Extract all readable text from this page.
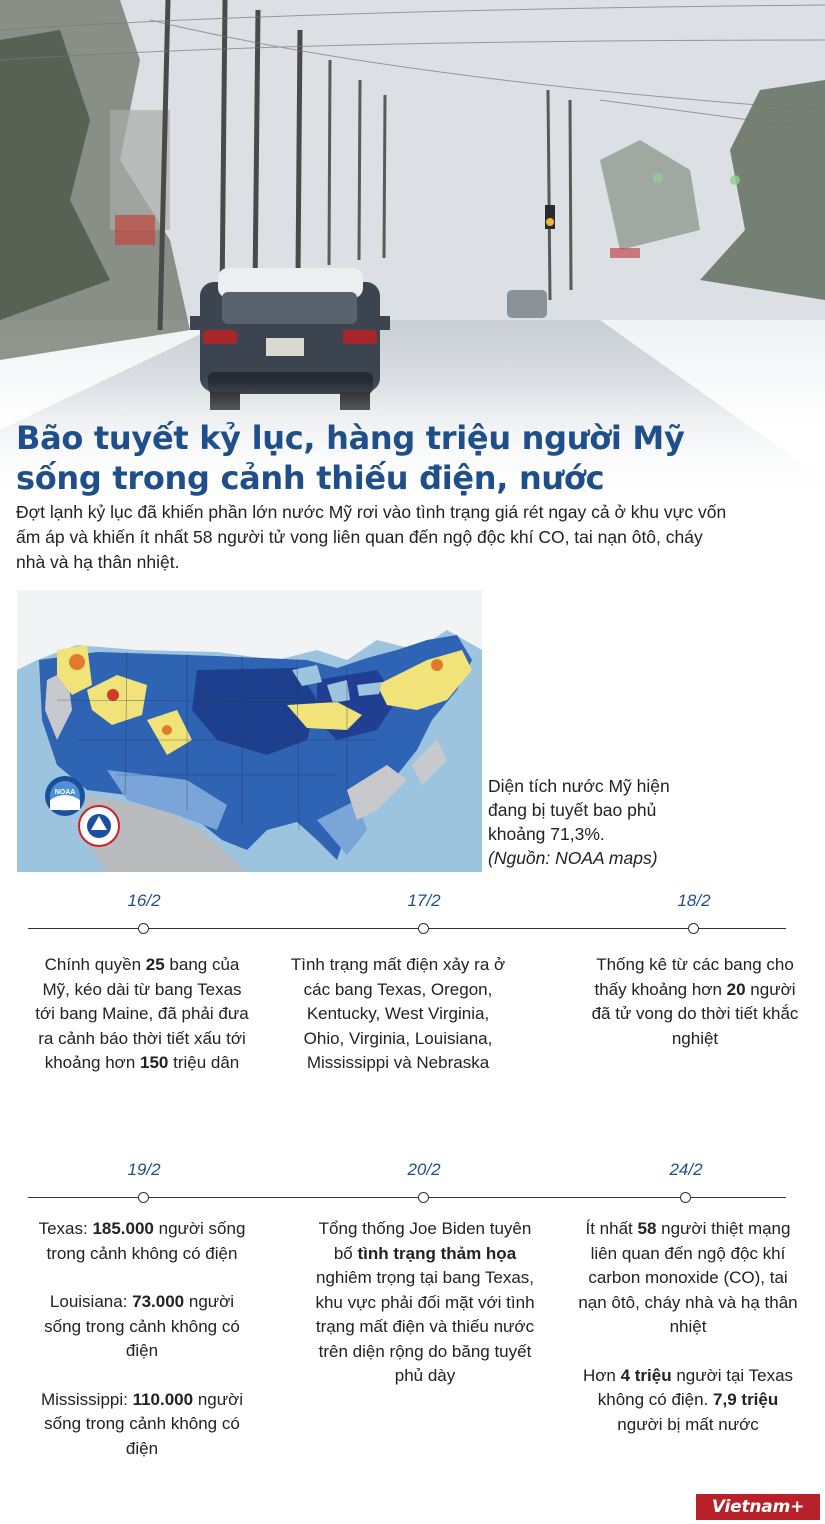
Bão tuyết kỷ lục, hàng triệu người Mỹ
sống trong cảnh thiếu điện, nước

Đợt lạnh kỷ lục đã khiến phần lớn nước Mỹ rơi vào tình trạng giá rét ngay cả ở khu vực vốn ấm áp và khiến ít nhất 58 người tử vong liên quan đến ngộ độc khí CO, tai nạn ôtô, cháy nhà và hạ thân nhiệt.

NOAA	Diện tích nước Mỹ hiện
đang bị tuyết bao phủ
khoảng 71,3%.
(Nguồn: NOAA maps)
16/2
Chính quyền 25 bang của Mỹ, kéo dài từ bang Texas tới bang Maine, đã phải đưa ra cảnh báo thời tiết xấu tới khoảng hơn 150 triệu dân
17/2
Tình trạng mất điện xảy ra ở các bang Texas, Oregon, Kentucky, West Virginia, Ohio, Virginia, Louisiana, Mississippi và Nebraska
18/2
Thống kê từ các bang cho thấy khoảng hơn 20 người đã tử vong do thời tiết khắc nghiệt
19/2

Texas: 185.000 người sống trong cảnh không có điện

Louisiana: 73.000 người sống trong cảnh không có điện

Mississippi: 110.000 người sống trong cảnh không có điện

20/2
Tổng thống Joe Biden tuyên bố tình trạng thảm họa nghiêm trọng tại bang Texas, khu vực phải đối mặt với tình trạng mất điện và thiếu nước trên diện rộng do băng tuyết phủ dày
24/2

Ít nhất 58 người thiệt mạng liên quan đến ngộ độc khí carbon monoxide (CO), tai nạn ôtô, cháy nhà và hạ thân nhiệt

Hơn 4 triệu người tại Texas không có điện. 7,9 triệu người bị mất nước

Vietnam+
